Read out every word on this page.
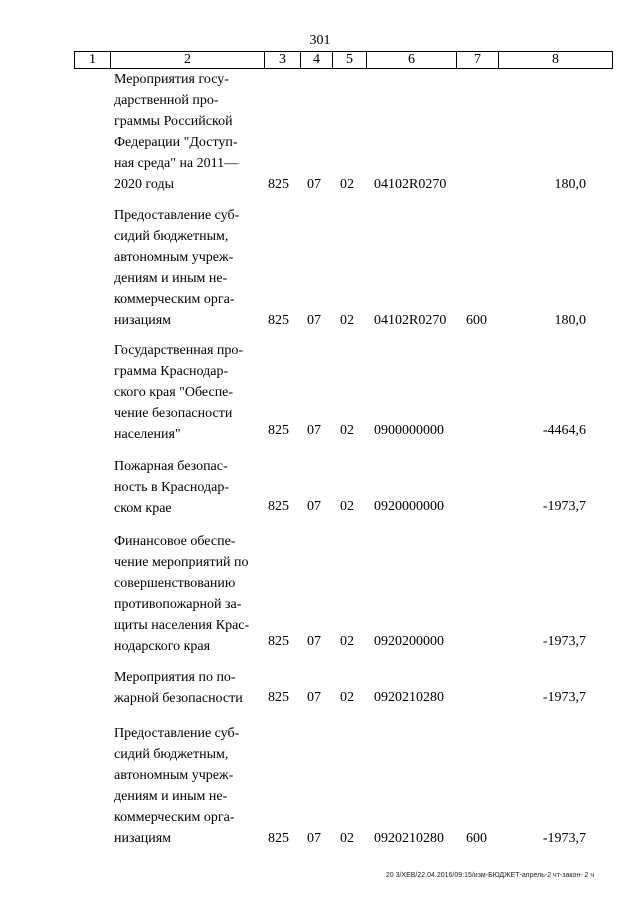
301
1	2	3	4	5	6	7	8
Мероприятия госу-
дарственной про-
граммы Российской
Федерации "Доступ-
ная среда" на 2011—
2020 годы	825 07 02 04102R0270	180,0
Предоставление суб-
сидий бюджетным,
автономным учреж-
дениям и иным не-
коммерческим орга-
низациям	825 07 02 04102R0270 600	180,0
Государственная про-
грамма Краснодар-
ского края "Обеспе-
чение безопасности
населения"	825 07 02 0900000000	-4464,6
Пожарная безопас-
ность в Краснодар-
ском крае	825 07 02 0920000000	-1973,7
Финансовое обеспе-
чение мероприятий по
совершенствованию
противопожарной за-
щиты населения Крас-
нодарского края	825 07 02 0920200000	-1973,7
Мероприятия по по-
жарной безопасности	825 07 02 0920210280	-1973,7
Предоставление суб-
сидий бюджетным,
автономным учреж-
дениям и иным не-
коммерческим орга-
низациям	825 07 02 0920210280 600	-1973,7
20 3/ХЕВ/22.04.2016/09:15/изм-БЮДЖЕТ-апрель-2 чт-закон- 2 ч
